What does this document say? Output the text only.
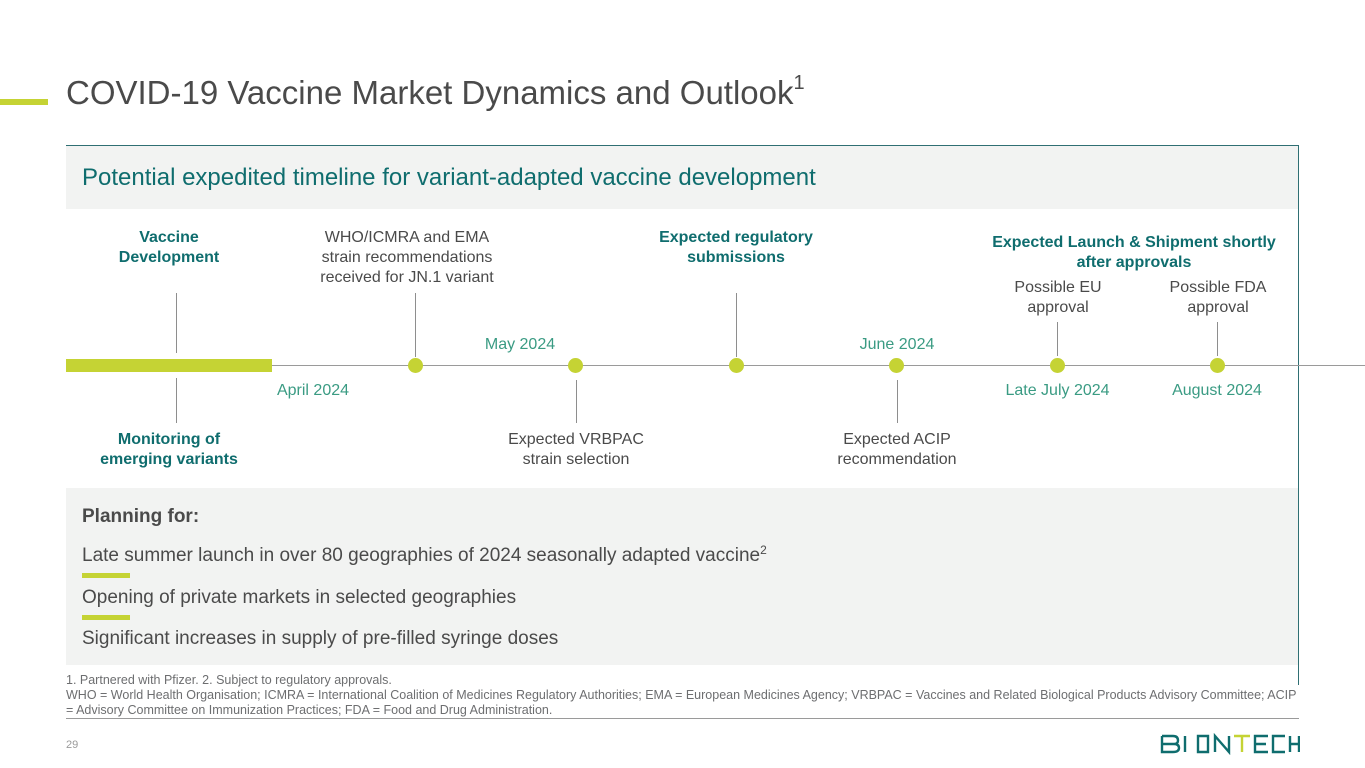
COVID-19 Vaccine Market Dynamics and Outlook$^1$
Potential expedited timeline for variant-adapted vaccine development
Vaccine Development
WHO/ICMRA and EMA strain recommendations received for JN.1 variant
Expected regulatory submissions
Expected Launch & Shipment shortly after approvals
Possible EU approval
Possible FDA approval
April 2024
May 2024	June 2024
Late July 2024	August 2024
Monitoring of emerging variants
Expected VRBPAC strain selection
Expected ACIP recommendation
Planning for:
Late summer launch in over 80 geographies of 2024 seasonally adapted vaccine$^2$
Opening of private markets in selected geographies
Significant increases in supply of pre-filled syringe doses
1. Partnered with Pfizer. 2. Subject to regulatory approvals.
WHO = World Health Organisation; ICMRA = International Coalition of Medicines Regulatory Authorities; EMA = European Medicines Agency; VRBPAC = Vaccines and Related Biological Products Advisory Committee; ACIP = Advisory Committee on Immunization Practices; FDA = Food and Drug Administration.
29
